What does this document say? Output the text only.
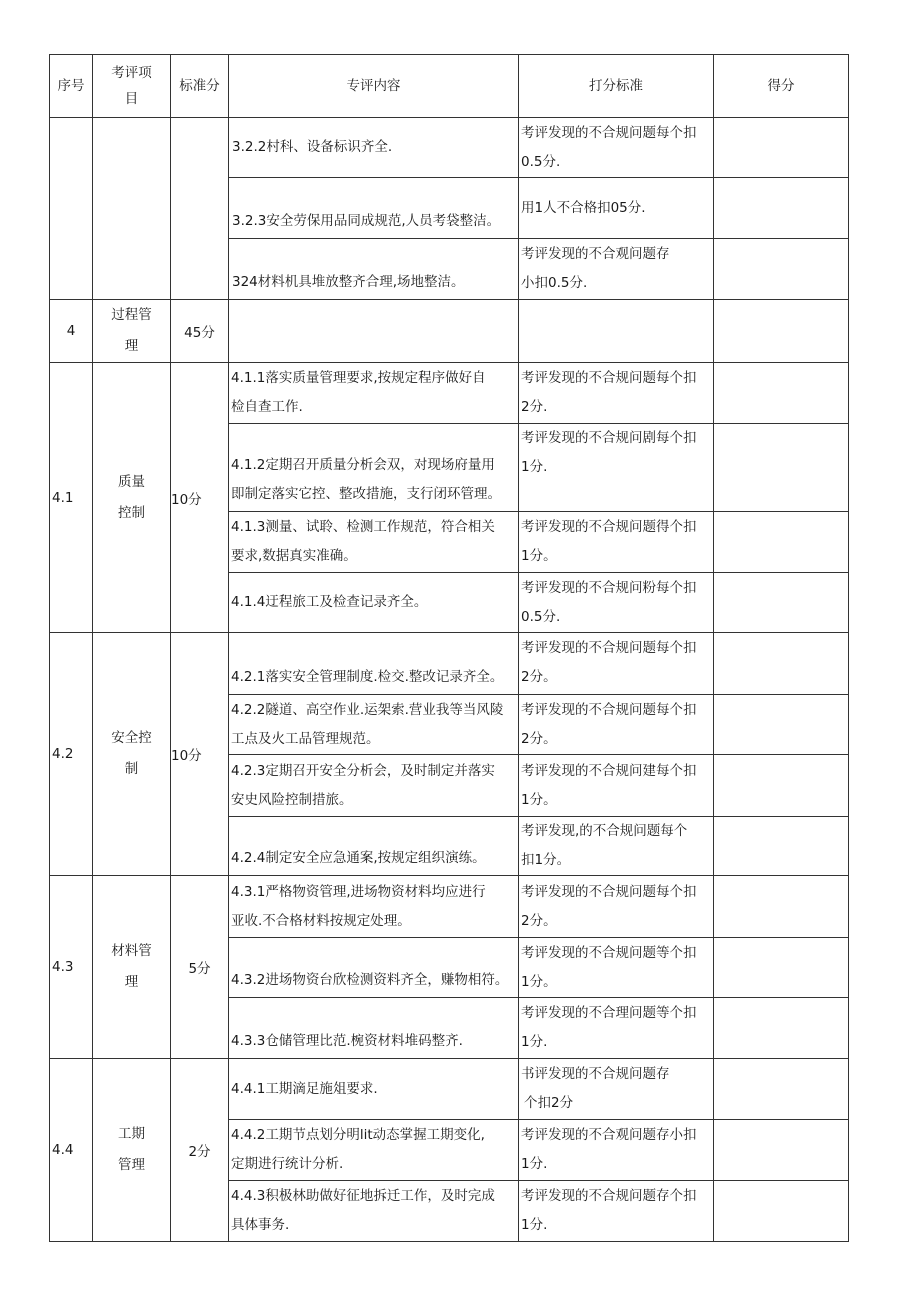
序号	考评项目	标准分	专评内容	打分标准	得分
			3.2.2村科、设备标识齐全.	考评发现的不合规问题每个扣
0.5分.	

			3.2.3安全劳保用品同成规范,人员考袋整洁。	用1人不合格扣05分.	

			324材料机具堆放整齐合理,场地整洁。	考评发现的不合观问题存
小扣0.5分.	

4	过程管
理	45分			
4.1	质量
控制	10分	4.1.1落实质量管理要求,按规定程序做好自
检自查工作.	考评发现的不合规问题每个扣
2分.	

			4.1.2定期召开质量分析会双，对现场府量用
即制定落实它控、整改措施，支行闭环管理。	考评发现的不合规问剧每个扣
1分.	

			4.1.3测量、试聆、检测工作规范，符合相关
要求,数据真实准确。	考评发现的不合规问题得个扣
1分。	

			4.1.4迂程旅工及检查记录齐全。	考评发现的不合规问粉每个扣
0.5分.	

4.2	安全控
制	10分	4.2.1落实安全管理制度.检交.整改记录齐全。	考评发现的不合规问题每个扣
2分。	

			4.2.2隧道、高空作业.运架索.营业我等当风陵
工点及火工品管理规范。	考评发现的不合规问题每个扣
2分。	

			4.2.3定期召开安全分析会，及时制定并落实
安史风险控制措旅。	考评发现的不合规问建每个扣
1分。	

			4.2.4制定安全应急通案,按规定组织演练。	考评发现,的不合规问题每个
扣1分。	

4.3	材料管
理	5分	4.3.1严格物资管理,进场物资材料均应进行
亚收.不合格材料按规定处理。	考评发现的不合规问题每个扣
2分。	

			4.3.2进场物资台欣检测资料齐全，赚物相符。	考评发现的不合规问题等个扣
1分。	

			4.3.3仓储管理比范.椀资材料堆码整齐.	考评发现的不合理问题等个扣
1分.	

4.4	工期
管理	2分	4.4.1工期滴足施俎要求.	书评发现的不合规问题存
个扣2分	

			4.4.2工期节点划分明lit动态掌握工期变化,
定期进行统计分析.	考评发现的不合观问题存小扣
1分.	

			4.4.3积极林助做好征地拆迁工作，及时完成
具体事务.	考评发现的不合规问题存个扣
1分.	
